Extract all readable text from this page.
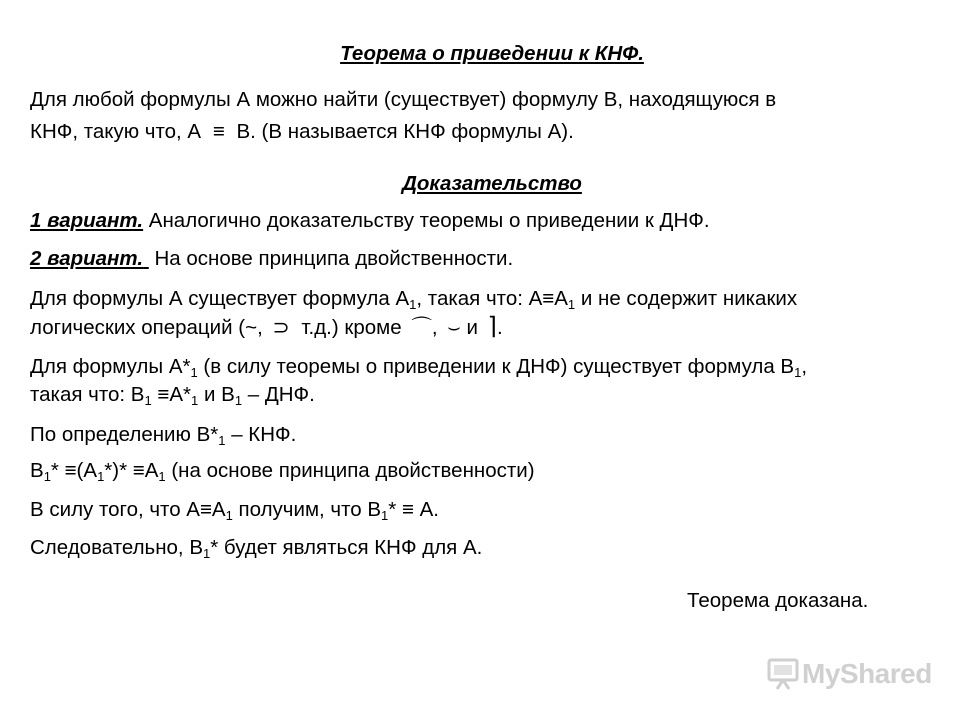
Теорема о приведении к КНФ.
Для любой формулы А можно найти (существует) формулу В, находящуюся в
КНФ, такую что, А ≡ В. (В называется КНФ формулы А).
Доказательство
1 вариант. Аналогично доказательству теоремы о приведении к ДНФ.
2 вариант. На основе принципа двойственности.
Для формулы А существует формула $А_1$, такая что: $А\equiv А_1$ и не содержит никаких
логических операций (~, ⊃ т.д.) кроме ⌒, ⌣ и ⌉.
Для формулы $А*_1$ (в силу теоремы о приведении к ДНФ) существует формула $В_1$,
такая что: $В_1 \equiv А*_1$ и $В_1$ – ДНФ.
По определению $В*_1$ – КНФ.
$В_1* \equiv(А_1*)* \equiv А_1$ (на основе принципа двойственности)
В силу того, что $А\equiv А_1$ получим, что $В_1* \equiv А$.
Следовательно, $В_1*$ будет являться КНФ для А.
Теорема доказана.
MyShared
